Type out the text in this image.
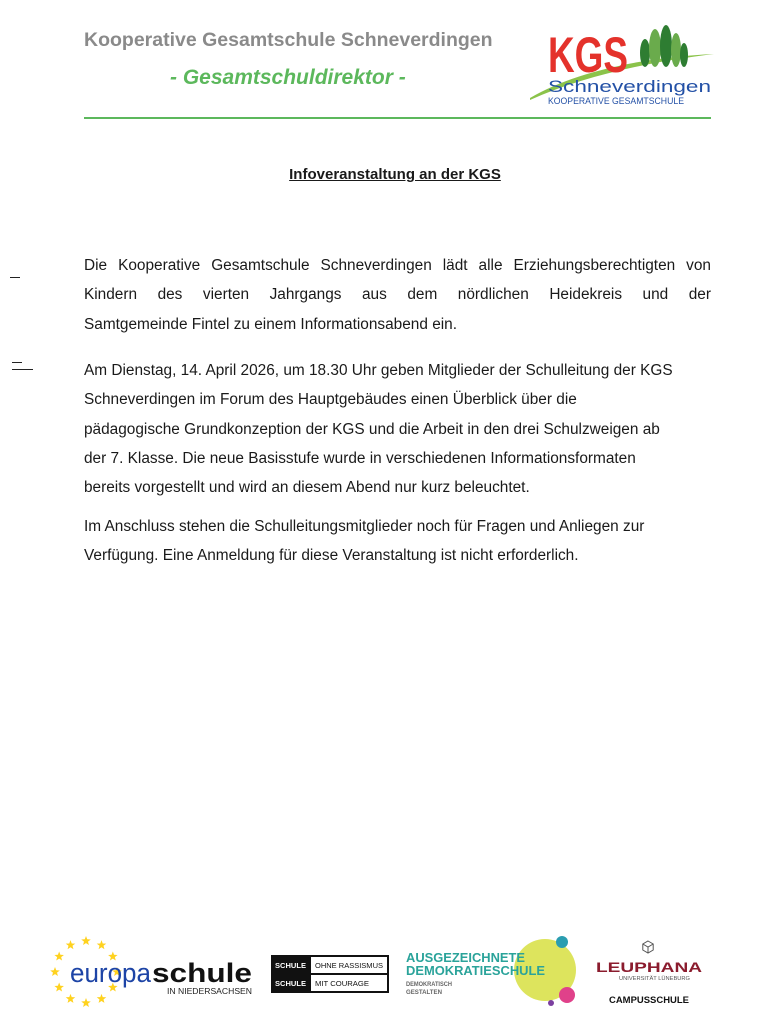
Kooperative Gesamtschule Schneverdingen
- Gesamtschuldirektor -	KGS
Schneverdingen
KOOPERATIVE GESAMTSCHULE
Infoveranstaltung an der KGS
Die Kooperative Gesamtschule Schneverdingen lädt alle Erziehungsberechtigten von
Kindern des vierten Jahrgangs aus dem nördlichen Heidekreis und der
Samtgemeinde Fintel zu einem Informationsabend ein.
Am Dienstag, 14. April 2026, um 18.30 Uhr geben Mitglieder der Schulleitung der KGS
Schneverdingen im Forum des Hauptgebäudes einen Überblick über die
pädagogische Grundkonzeption der KGS und die Arbeit in den drei Schulzweigen ab
der 7. Klasse. Die neue Basisstufe wurde in verschiedenen Informationsformaten
bereits vorgestellt und wird an diesem Abend nur kurz beleuchtet.
Im Anschluss stehen die Schulleitungsmitglieder noch für Fragen und Anliegen zur
Verfügung. Eine Anmeldung für diese Veranstaltung ist nicht erforderlich.
europa schule
IN NIEDERSACHSEN
SCHULE OHNE RASSISMUS
SCHULE MIT COURAGE
AUSGEZEICHNETE
DEMOKRATIESCHULE
DEMOKRATISCH
GESTALTEN
LEUPHANA
UNIVERSITÄT LÜNEBURG
CAMPUSSCHULE
